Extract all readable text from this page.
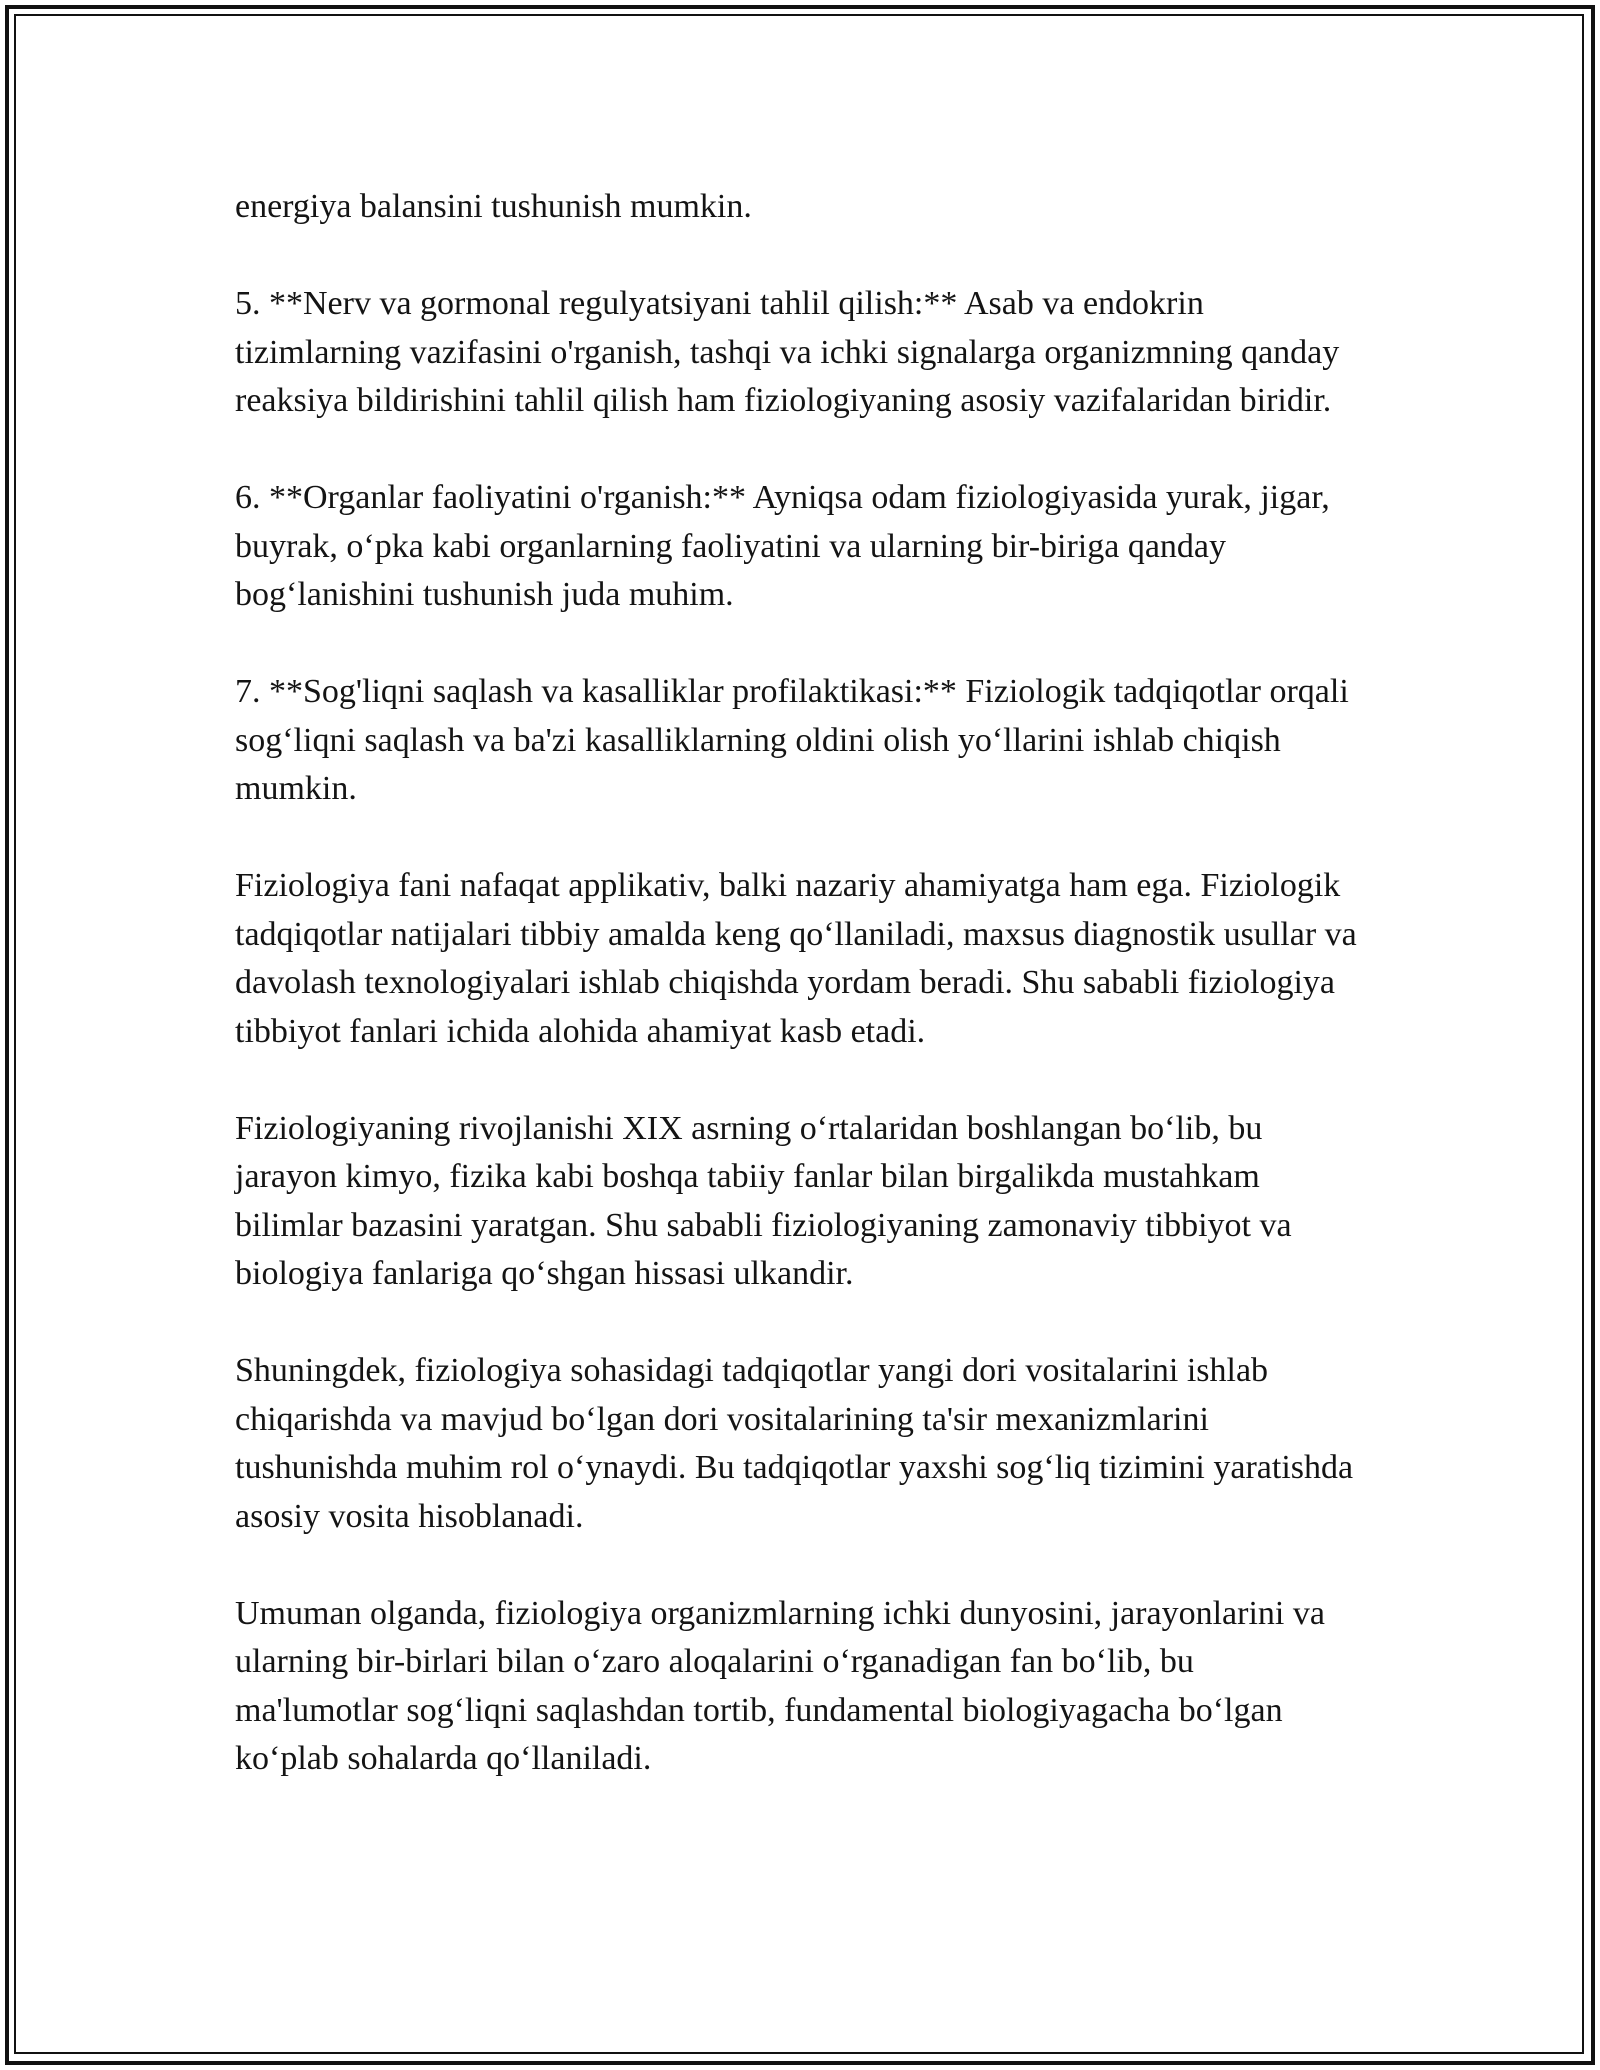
energiya balansini tushunish mumkin.

5. **Nerv va gormonal regulyatsiyani tahlil qilish:** Asab va endokrin tizimlarning vazifasini o'rganish, tashqi va ichki signalarga organizmning qanday reaksiya bildirishini tahlil qilish ham fiziologiyaning asosiy vazifalaridan biridir.

6. **Organlar faoliyatini o'rganish:** Ayniqsa odam fiziologiyasida yurak, jigar, buyrak, o‘pka kabi organlarning faoliyatini va ularning bir-biriga qanday bog‘lanishini tushunish juda muhim.

7. **Sog'liqni saqlash va kasalliklar profilaktikasi:** Fiziologik tadqiqotlar orqali sog‘liqni saqlash va ba'zi kasalliklarning oldini olish yo‘llarini ishlab chiqish mumkin.

Fiziologiya fani nafaqat applikativ, balki nazariy ahamiyatga ham ega. Fiziologik tadqiqotlar natijalari tibbiy amalda keng qo‘llaniladi, maxsus diagnostik usullar va davolash texnologiyalari ishlab chiqishda yordam beradi. Shu sababli fiziologiya tibbiyot fanlari ichida alohida ahamiyat kasb etadi.

Fiziologiyaning rivojlanishi XIX asrning o‘rtalaridan boshlangan bo‘lib, bu jarayon kimyo, fizika kabi boshqa tabiiy fanlar bilan birgalikda mustahkam bilimlar bazasini yaratgan. Shu sababli fiziologiyaning zamonaviy tibbiyot va biologiya fanlariga qo‘shgan hissasi ulkandir.

Shuningdek, fiziologiya sohasidagi tadqiqotlar yangi dori vositalarini ishlab chiqarishda va mavjud bo‘lgan dori vositalarining ta'sir mexanizmlarini tushunishda muhim rol o‘ynaydi. Bu tadqiqotlar yaxshi sog‘liq tizimini yaratishda asosiy vosita hisoblanadi.

Umuman olganda, fiziologiya organizmlarning ichki dunyosini, jarayonlarini va ularning bir-birlari bilan o‘zaro aloqalarini o‘rganadigan fan bo‘lib, bu ma'lumotlar sog‘liqni saqlashdan tortib, fundamental biologiyagacha bo‘lgan ko‘plab sohalarda qo‘llaniladi.
